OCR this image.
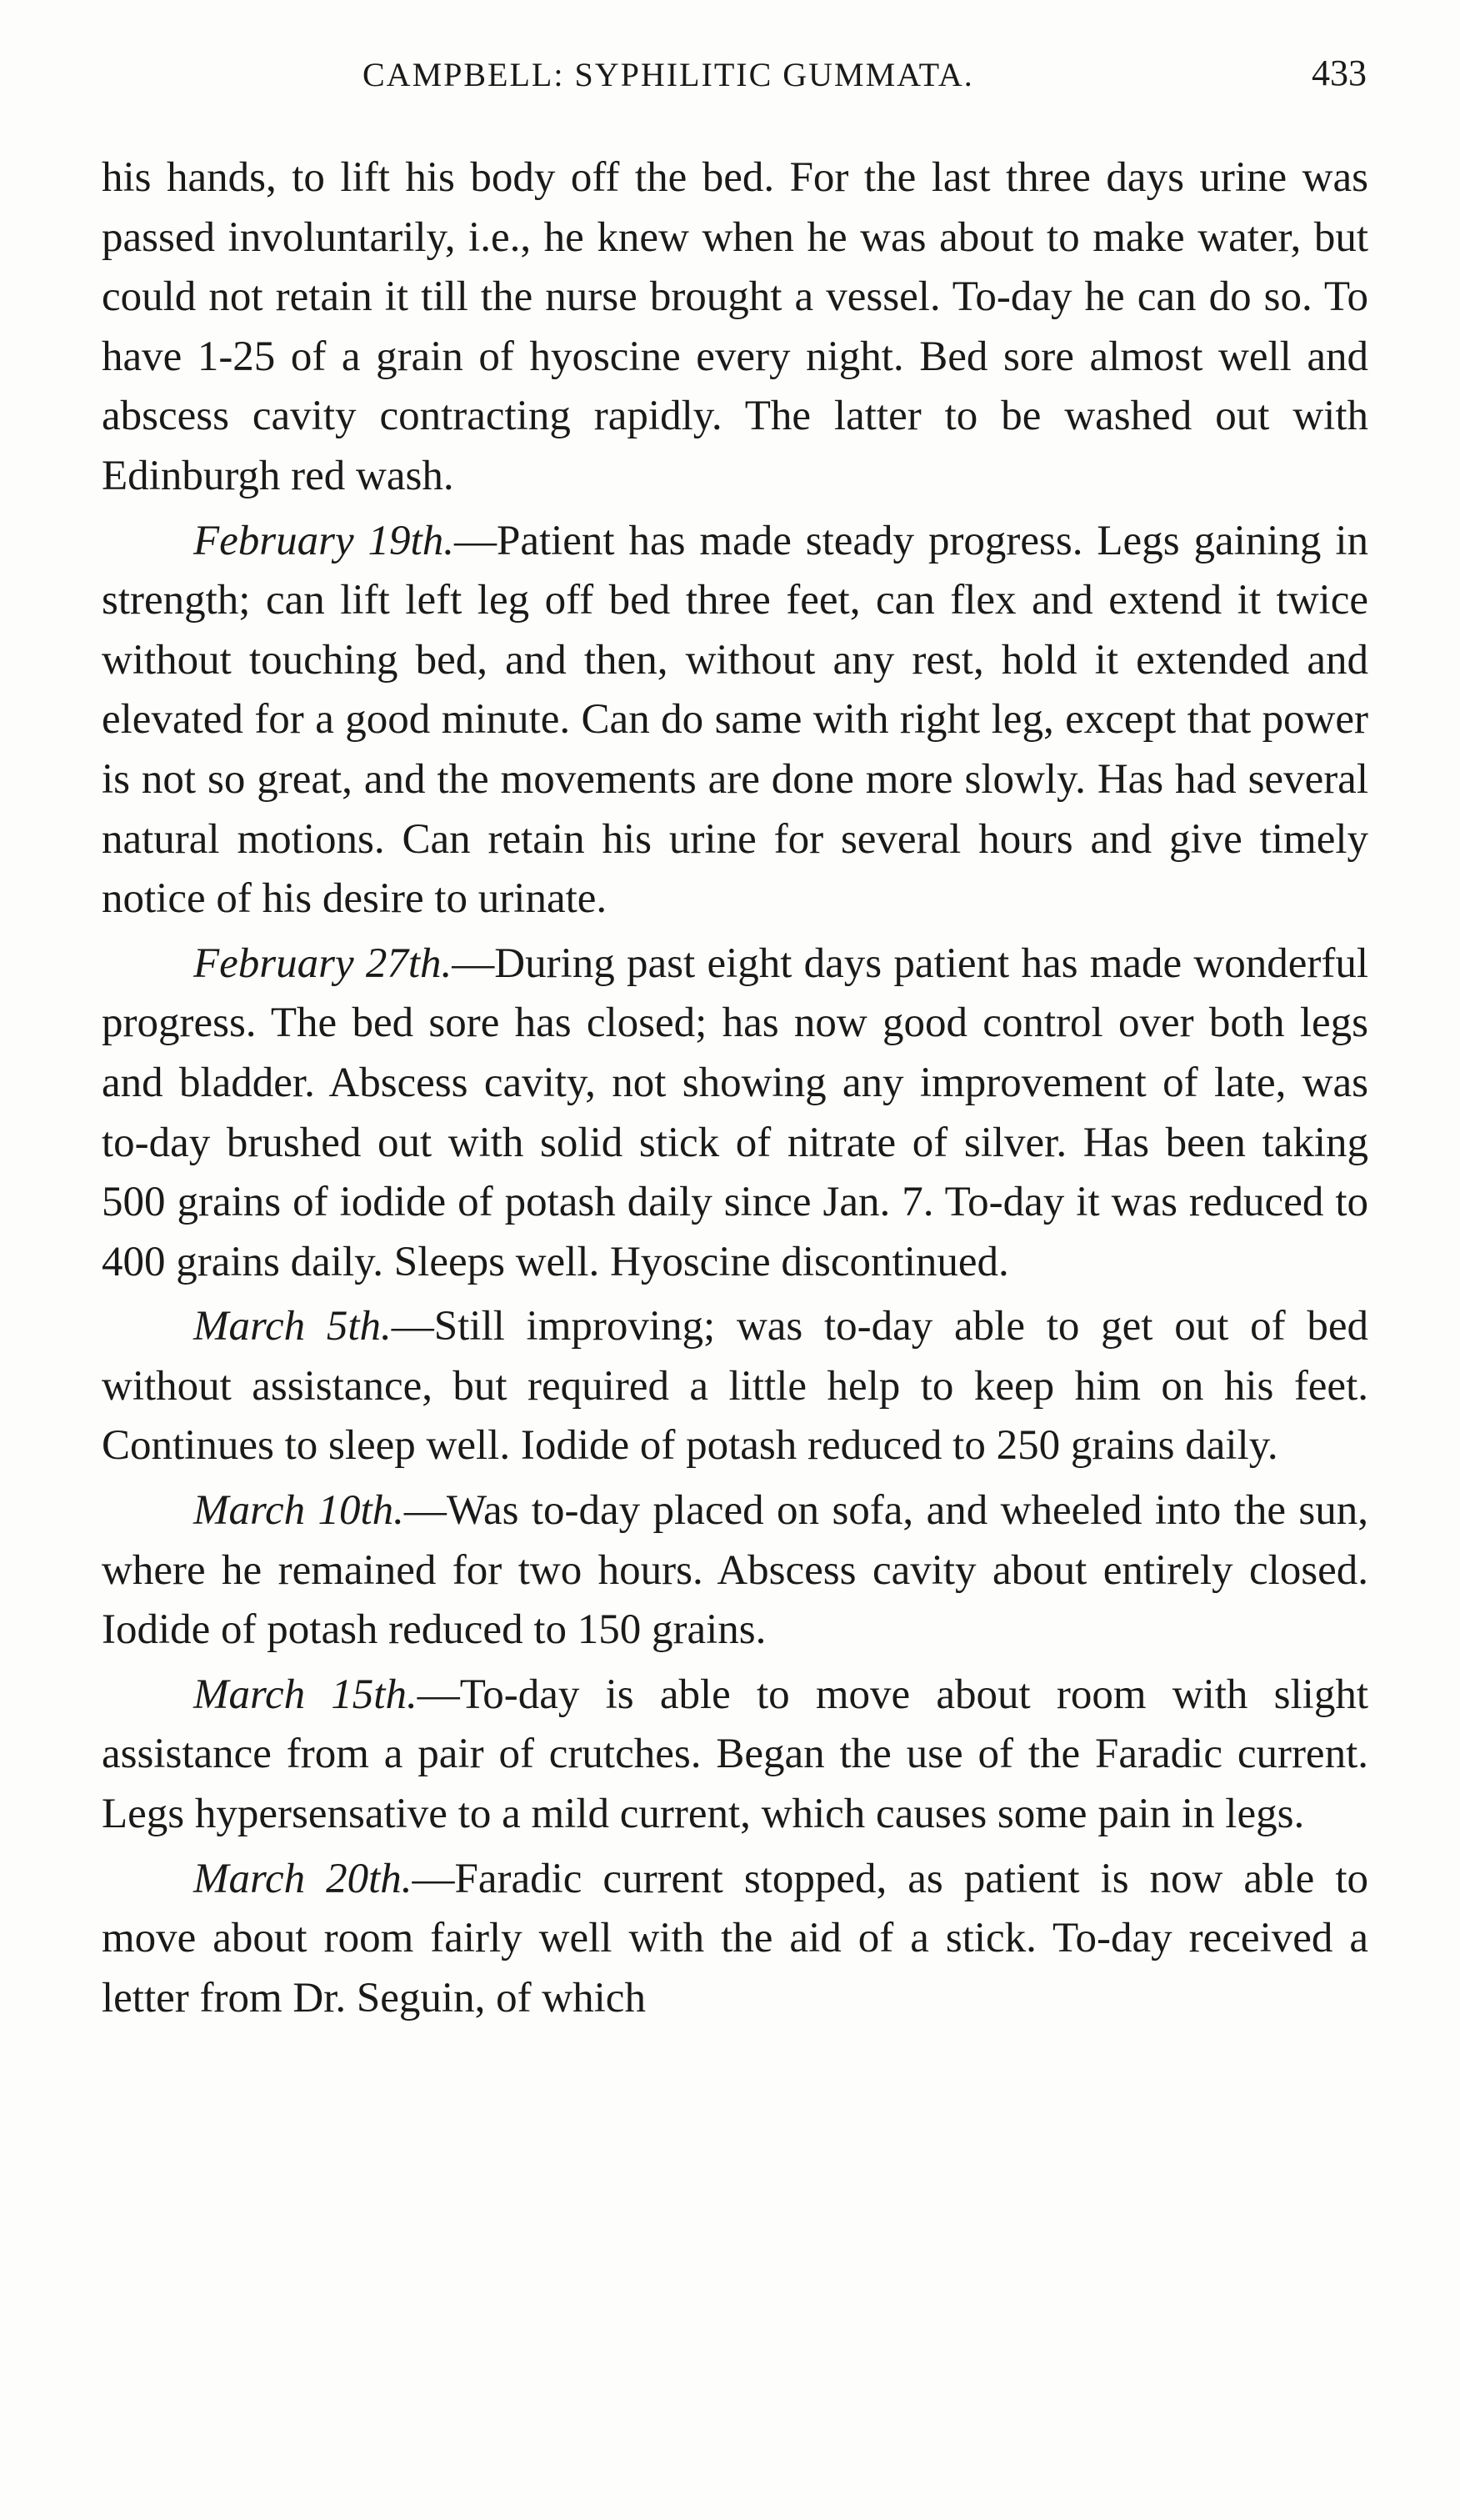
CAMPBELL: SYPHILITIC GUMMATA.	433

his hands, to lift his body off the bed. For the last three days urine was passed involuntarily, i.e., he knew when he was about to make water, but could not retain it till the nurse brought a vessel. To-day he can do so. To have 1-25 of a grain of hyoscine every night. Bed sore almost well and abscess cavity contracting rapidly. The latter to be washed out with Edinburgh red wash.

February 19th.—Patient has made steady progress. Legs gaining in strength; can lift left leg off bed three feet, can flex and extend it twice without touching bed, and then, without any rest, hold it extended and elevated for a good minute. Can do same with right leg, except that power is not so great, and the movements are done more slowly. Has had several natural motions. Can retain his urine for several hours and give timely notice of his desire to urinate.

February 27th.—During past eight days patient has made wonderful progress. The bed sore has closed; has now good control over both legs and bladder. Abscess cavity, not showing any improvement of late, was to-day brushed out with solid stick of nitrate of silver. Has been taking 500 grains of iodide of potash daily since Jan. 7. To-day it was reduced to 400 grains daily. Sleeps well. Hyoscine discontinued.

March 5th.—Still improving; was to-day able to get out of bed without assistance, but required a little help to keep him on his feet. Continues to sleep well. Iodide of potash reduced to 250 grains daily.

March 10th.—Was to-day placed on sofa, and wheeled into the sun, where he remained for two hours. Abscess cavity about entirely closed. Iodide of potash reduced to 150 grains.

March 15th.—To-day is able to move about room with slight assistance from a pair of crutches. Began the use of the Faradic current. Legs hypersensative to a mild current, which causes some pain in legs.

March 20th.—Faradic current stopped, as patient is now able to move about room fairly well with the aid of a stick. To-day received a letter from Dr. Seguin, of which
